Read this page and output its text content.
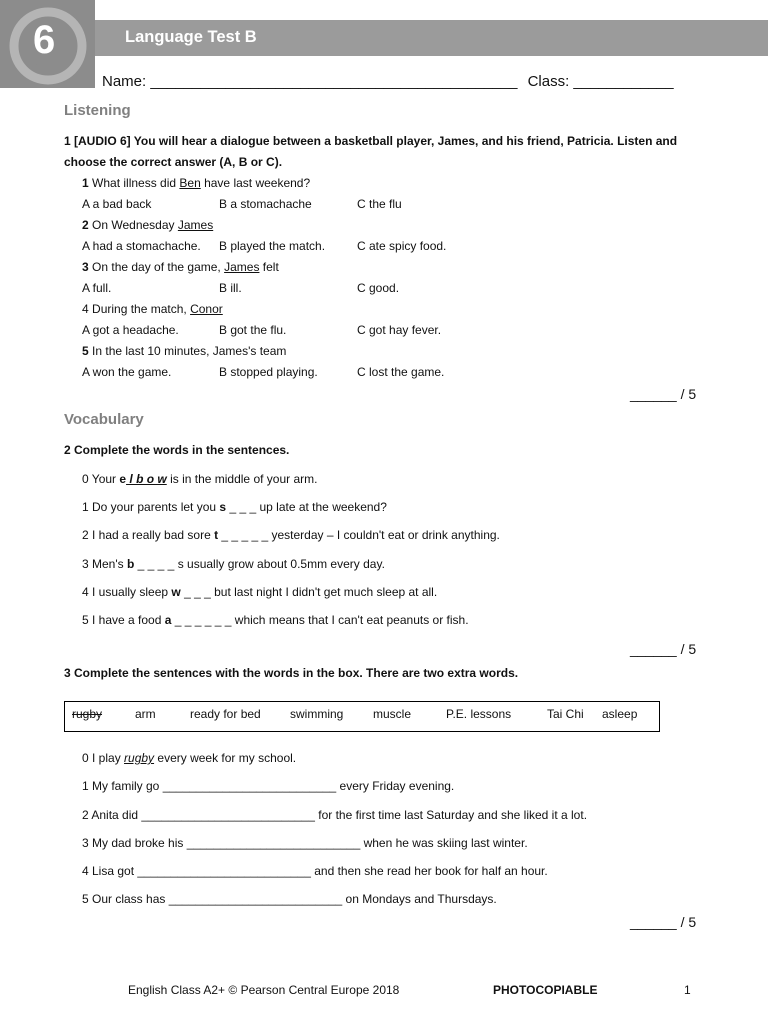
6	Language Test B
Name: ____________________________________________ Class: ____________
Listening
1 [AUDIO 6] You will hear a dialogue between a basketball player, James, and his friend, Patricia. Listen and choose the correct answer (A, B or C).
1 What illness did Ben have last weekend?
A a bad back	B a stomachache	C the flu
2 On Wednesday James
A had a stomachache. B played the match.	C ate spicy food.
3 On the day of the game, James felt
A full.	B ill.	C good.
4 During the match, Conor
A got a headache.	B got the flu.	C got hay fever.
5 In the last 10 minutes, James's team
A won the game.	B stopped playing.	C lost the game.
______ / 5
Vocabulary
2 Complete the words in the sentences.
0 Your e l b o w is in the middle of your arm.
1 Do your parents let you s _ _ _ up late at the weekend?
2 I had a really bad sore t _ _ _ _ _ yesterday – I couldn't eat or drink anything.
3 Men's b _ _ _ _ s usually grow about 0.5mm every day.
4 I usually sleep w _ _ _ but last night I didn't get much sleep at all.
5 I have a food a _ _ _ _ _ _ which means that I can't eat peanuts or fish.
______ / 5
3 Complete the sentences with the words in the box. There are two extra words.
rugby	arm	ready for bed swimming muscle	P.E. lessons	Tai Chi asleep
0 I play rugby every week for my school.
1 My family go __________________________ every Friday evening.
2 Anita did __________________________ for the first time last Saturday and she liked it a lot.
3 My dad broke his __________________________ when he was skiing last winter.
4 Lisa got __________________________ and then she read her book for half an hour.
5 Our class has __________________________ on Mondays and Thursdays.
______ / 5
English Class A2+ © Pearson Central Europe 2018	PHOTOCOPIABLE	1
